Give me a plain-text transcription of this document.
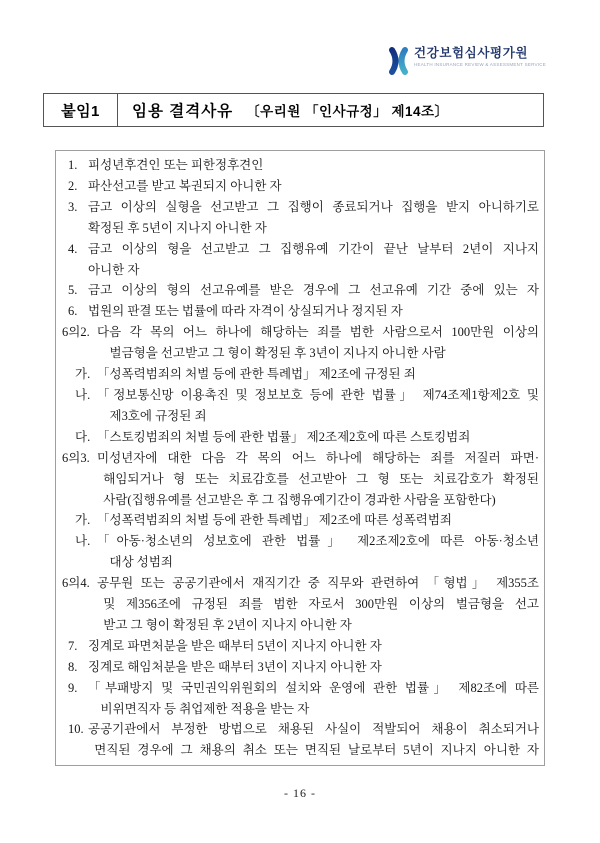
건강보험심사평가원
HEALTH INSURANCE REVIEW & ASSESSMENT SERVICE
붙임1	임용 결격사유 〔우리원 「인사규정」 제14조〕
1. 피성년후견인 또는 피한정후견인
2. 파산선고를 받고 복권되지 아니한 자
3. 금고 이상의 실형을 선고받고 그 집행이 종료되거나 집행을 받지 아니하기로
확정된 후 5년이 지나지 아니한 자
4. 금고 이상의 형을 선고받고 그 집행유예 기간이 끝난 날부터 2년이 지나지
아니한 자
5. 금고 이상의 형의 선고유예를 받은 경우에 그 선고유예 기간 중에 있는 자
6. 법원의 판결 또는 법률에 따라 자격이 상실되거나 정지된 자
6의2. 다음 각 목의 어느 하나에 해당하는 죄를 범한 사람으로서 100만원 이상의
벌금형을 선고받고 그 형이 확정된 후 3년이 지나지 아니한 사람
가. 「성폭력범죄의 처벌 등에 관한 특례법」 제2조에 규정된 죄
나. 「정보통신망 이용촉진 및 정보보호 등에 관한 법률」 제74조제1항제2호 및
제3호에 규정된 죄
다. 「스토킹범죄의 처벌 등에 관한 법률」 제2조제2호에 따른 스토킹범죄
6의3. 미성년자에 대한 다음 각 목의 어느 하나에 해당하는 죄를 저질러 파면·
해임되거나 형 또는 치료감호를 선고받아 그 형 또는 치료감호가 확정된
사람(집행유예를 선고받은 후 그 집행유예기간이 경과한 사람을 포함한다)
가. 「성폭력범죄의 처벌 등에 관한 특례법」 제2조에 따른 성폭력범죄
나. 「아동·청소년의 성보호에 관한 법률」 제2조제2호에 따른 아동·청소년
대상 성범죄
6의4. 공무원 또는 공공기관에서 재직기간 중 직무와 관련하여 「형법」 제355조
및 제356조에 규정된 죄를 범한 자로서 300만원 이상의 벌금형을 선고
받고 그 형이 확정된 후 2년이 지나지 아니한 자
7. 징계로 파면처분을 받은 때부터 5년이 지나지 아니한 자
8. 징계로 해임처분을 받은 때부터 3년이 지나지 아니한 자
9. 「부패방지 및 국민권익위원회의 설치와 운영에 관한 법률」 제82조에 따른
비위면직자 등 취업제한 적용을 받는 자
10. 공공기관에서 부정한 방법으로 채용된 사실이 적발되어 채용이 취소되거나
면직된 경우에 그 채용의 취소 또는 면직된 날로부터 5년이 지나지 아니한 자
- 16 -
